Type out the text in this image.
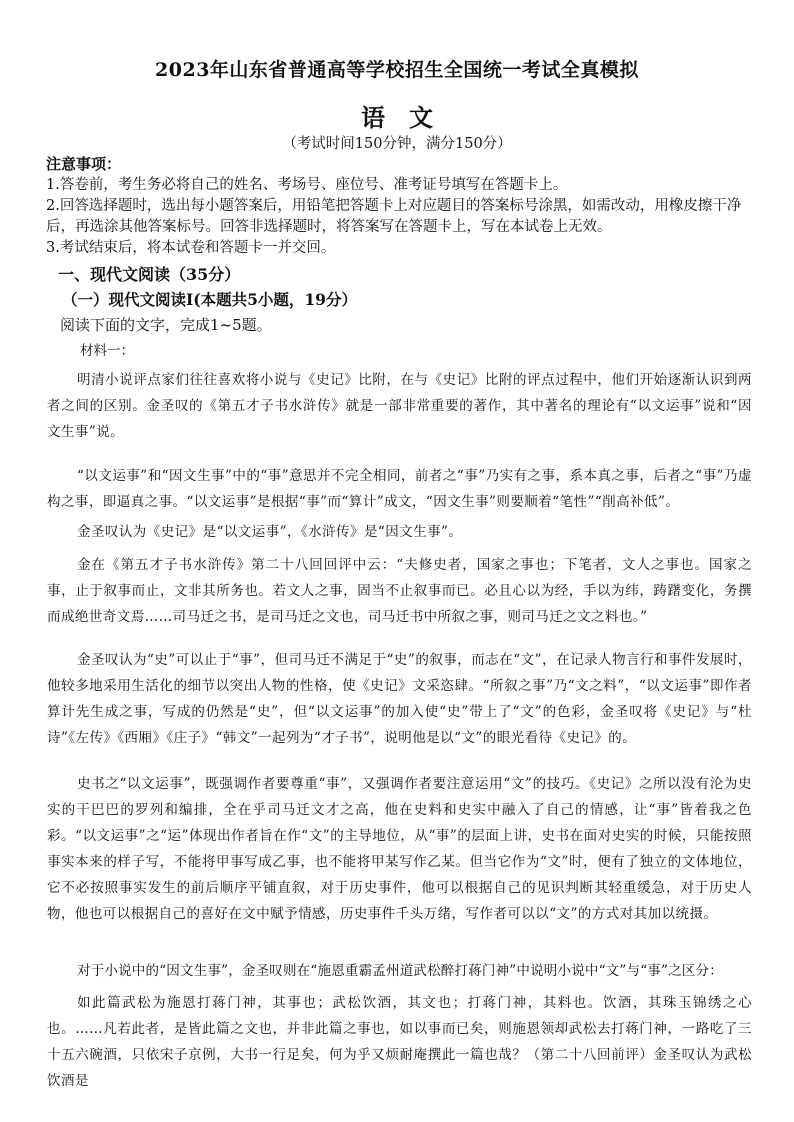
2023年山东省普通高等学校招生全国统一考试全真模拟
语　文
（考试时间150分钟，满分150分）
注意事项：
1.答卷前，考生务必将自己的姓名、考场号、座位号、准考证号填写在答题卡上。
2.回答选择题时，选出每小题答案后，用铅笔把答题卡上对应题目的答案标号涂黑，如需改动，用橡皮擦干净后，再选涂其他答案标号。回答非选择题时，将答案写在答题卡上，写在本试卷上无效。
3.考试结束后，将本试卷和答题卡一并交回。
一、现代文阅读（35分）
（一）现代文阅读Ⅰ(本题共5小题，19分）
阅读下面的文字，完成1~5题。
材料一：
明清小说评点家们往往喜欢将小说与《史记》比附，在与《史记》比附的评点过程中，他们开始逐渐认识到两者之间的区别。金圣叹的《第五才子书水浒传》就是一部非常重要的著作，其中著名的理论有“以文运事”说和“因文生事”说。
“以文运事”和“因文生事”中的“事”意思并不完全相同，前者之“事”乃实有之事，系本真之事，后者之“事”乃虚构之事，即逼真之事。“以文运事”是根据“事”而“算计”成文，“因文生事”则要顺着“笔性”“削高补低”。
金圣叹认为《史记》是“以文运事”，《水浒传》是“因文生事”。
金在《第五才子书水浒传》第二十八回回评中云：“夫修史者，国家之事也；下笔者，文人之事也。国家之事，止于叙事而止，文非其所务也。若文人之事，固当不止叙事而已。必且心以为经，手以为纬，踌躇变化，务撰而成绝世奇文焉……司马迁之书，是司马迁之文也，司马迁书中所叙之事，则司马迁之文之料也。”
金圣叹认为“史”可以止于“事”，但司马迁不满足于“史”的叙事，而志在“文”，在记录人物言行和事件发展时，他较多地采用生活化的细节以突出人物的性格，使《史记》文采恣肆。“所叙之事”乃“文之料”，“以文运事”即作者算计先生成之事，写成的仍然是“史”，但“以文运事”的加入使“史”带上了“文”的色彩，金圣叹将《史记》与“杜诗”《左传》《西厢》《庄子》“韩文”一起列为“才子书”，说明他是以“文”的眼光看待《史记》的。
史书之“以文运事”，既强调作者要尊重“事”，又强调作者要注意运用“文”的技巧。《史记》之所以没有沦为史实的干巴巴的罗列和编排，全在乎司马迁文才之高，他在史料和史实中融入了自己的情感，让“事”皆着我之色彩。“以文运事”之“运”体现出作者旨在作“文”的主导地位，从“事”的层面上讲，史书在面对史实的时候，只能按照事实本来的样子写，不能将甲事写成乙事，也不能将甲某写作乙某。但当它作为“文”时，便有了独立的文体地位，它不必按照事实发生的前后顺序平铺直叙，对于历史事件，他可以根据自己的见识判断其轻重缓急，对于历史人物，他也可以根据自己的喜好在文中赋予情感，历史事件千头万绪，写作者可以以“文”的方式对其加以统摄。
对于小说中的“因文生事”，金圣叹则在“施恩重霸孟州道武松醉打蒋门神”中说明小说中“文”与“事”之区分：
如此篇武松为施恩打蒋门神，其事也；武松饮酒，其文也；打蒋门神，其料也。饮酒，其珠玉锦绣之心也。……凡若此者，是皆此篇之文也，并非此篇之事也，如以事而已矣，则施恩领却武松去打蒋门神，一路吃了三十五六碗酒，只依宋子京例，大书一行足矣，何为乎又烦耐庵撰此一篇也哉？（第二十八回前评）金圣叹认为武松饮酒是
